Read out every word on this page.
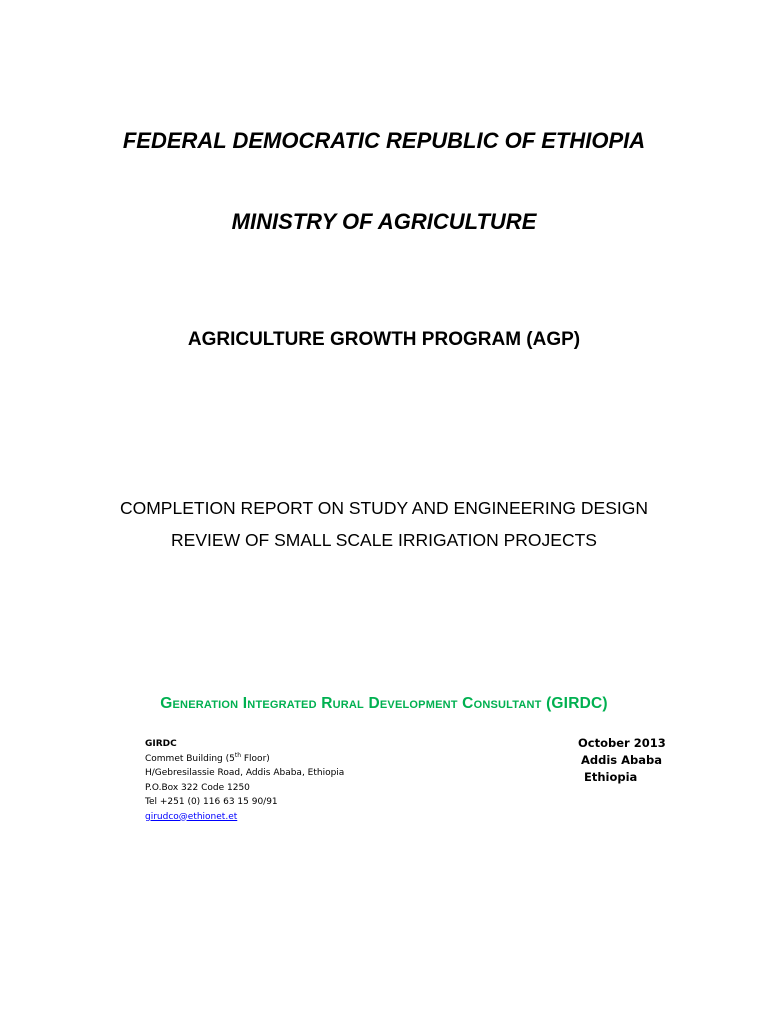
FEDERAL DEMOCRATIC REPUBLIC OF ETHIOPIA
MINISTRY OF AGRICULTURE
AGRICULTURE GROWTH PROGRAM (AGP)
COMPLETION REPORT ON STUDY AND ENGINEERING DESIGN
REVIEW OF SMALL SCALE IRRIGATION PROJECTS
Generation Integrated Rural Development Consultant (GIRDC)
GIRDC
Commet Building (5th Floor)
H/Gebresilassie Road, Addis Ababa, Ethiopia
P.O.Box 322 Code 1250
Tel +251 (0) 116 63 15 90/91
girudco@ethionet.et
October 2013
Addis Ababa
Ethiopia
